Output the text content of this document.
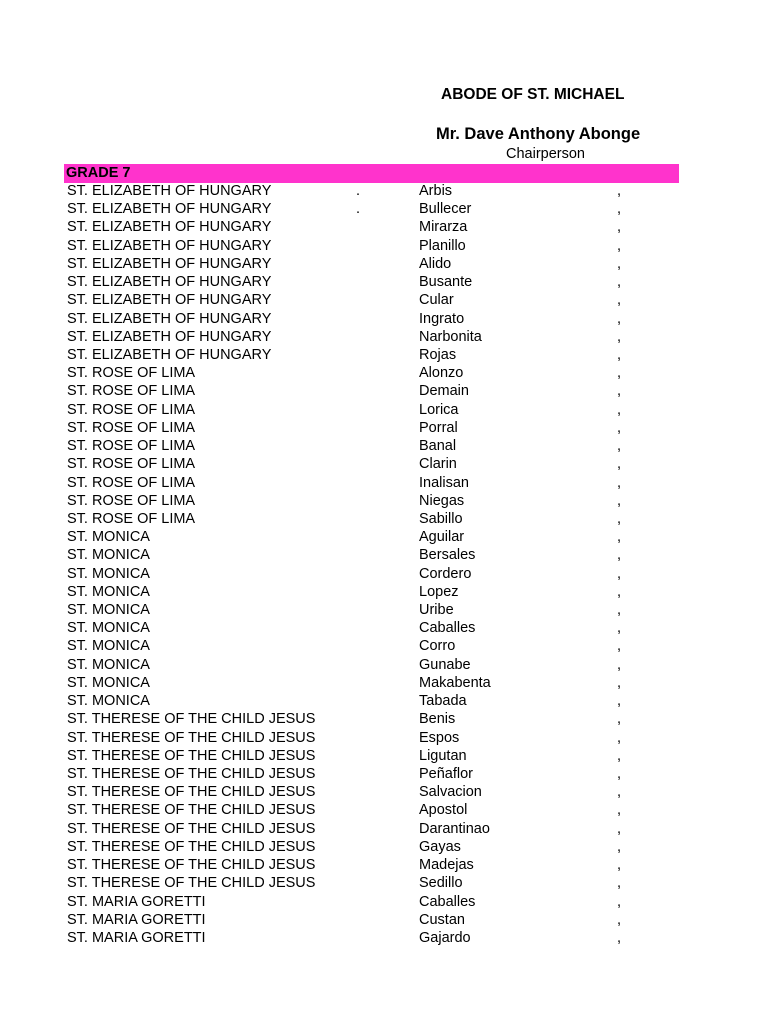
ABODE OF ST. MICHAEL
Mr. Dave Anthony Abonge
Chairperson
GRADE 7
ST. ELIZABETH OF HUNGARY	.	Arbis	,
ST. ELIZABETH OF HUNGARY	.	Bullecer	,
ST. ELIZABETH OF HUNGARY	Mirarza	,
ST. ELIZABETH OF HUNGARY	Planillo	,
ST. ELIZABETH OF HUNGARY	Alido	,
ST. ELIZABETH OF HUNGARY	Busante	,
ST. ELIZABETH OF HUNGARY	Cular	,
ST. ELIZABETH OF HUNGARY	Ingrato	,
ST. ELIZABETH OF HUNGARY	Narbonita	,
ST. ELIZABETH OF HUNGARY	Rojas	,
ST. ROSE OF LIMA	Alonzo	,
ST. ROSE OF LIMA	Demain	,
ST. ROSE OF LIMA	Lorica	,
ST. ROSE OF LIMA	Porral	,
ST. ROSE OF LIMA	Banal	,
ST. ROSE OF LIMA	Clarin	,
ST. ROSE OF LIMA	Inalisan	,
ST. ROSE OF LIMA	Niegas	,
ST. ROSE OF LIMA	Sabillo	,
ST. MONICA	Aguilar	,
ST. MONICA	Bersales	,
ST. MONICA	Cordero	,
ST. MONICA	Lopez	,
ST. MONICA	Uribe	,
ST. MONICA	Caballes	,
ST. MONICA	Corro	,
ST. MONICA	Gunabe	,
ST. MONICA	Makabenta	,
ST. MONICA	Tabada	,
ST. THERESE OF THE CHILD JESUS	Benis	,
ST. THERESE OF THE CHILD JESUS	Espos	,
ST. THERESE OF THE CHILD JESUS	Ligutan	,
ST. THERESE OF THE CHILD JESUS	Peñaflor	,
ST. THERESE OF THE CHILD JESUS	Salvacion	,
ST. THERESE OF THE CHILD JESUS	Apostol	,
ST. THERESE OF THE CHILD JESUS	Darantinao	,
ST. THERESE OF THE CHILD JESUS	Gayas	,
ST. THERESE OF THE CHILD JESUS	Madejas	,
ST. THERESE OF THE CHILD JESUS	Sedillo	,
ST. MARIA GORETTI	Caballes	,
ST. MARIA GORETTI	Custan	,
ST. MARIA GORETTI	Gajardo	,
